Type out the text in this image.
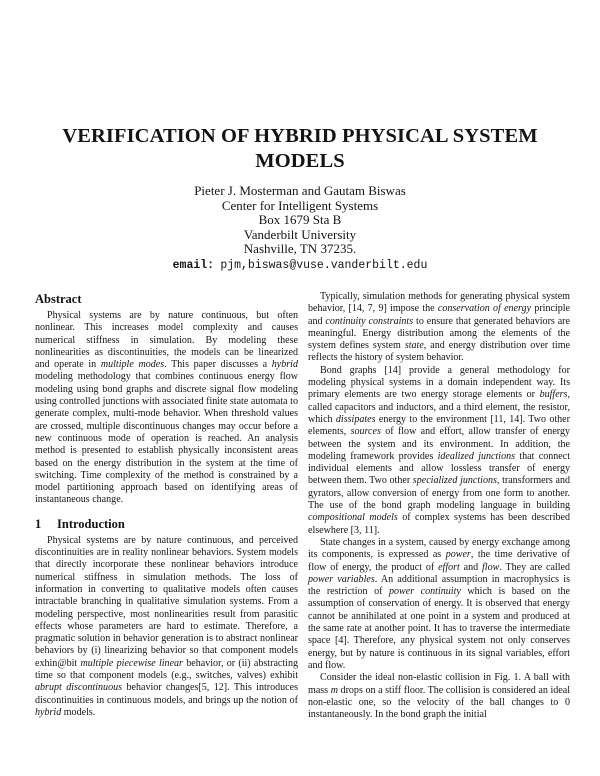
VERIFICATION OF HYBRID PHYSICAL SYSTEM
MODELS
Pieter J. Mosterman and Gautam Biswas
Center for Intelligent Systems
Box 1679 Sta B
Vanderbilt University
Nashville, TN 37235.
email: pjm,biswas@vuse.vanderbilt.edu
Abstract

Physical systems are by nature continuous, but often nonlinear. This increases model complexity and causes numerical stiffness in simulation. By modeling these nonlinearities as discontinuities, the models can be linearized and operate in multiple modes. This paper discusses a hybrid modeling methodology that combines continuous energy flow modeling using bond graphs and discrete signal flow modeling using controlled junctions with associated finite state automata to generate complex, multi-mode behavior. When threshold values are crossed, multiple discontinuous changes may occur before a new continuous mode of operation is reached. An analysis method is presented to establish physically inconsistent areas based on the energy distribution in the system at the time of switching. Time complexity of the method is constrained by a model partitioning approach based on identifying areas of instantaneous change.

1 Introduction

Physical systems are by nature continuous, and perceived discontinuities are in reality nonlinear behaviors. System models that directly incorporate these nonlinear behaviors introduce numerical stiffness in simulation methods. The loss of information in converting to qualitative models often causes intractable branching in qualitative simulation systems. From a modeling perspective, most nonlinearities result from parasitic effects whose parameters are hard to estimate. Therefore, a pragmatic solution in behavior generation is to abstract nonlinear behaviors by (i) linearizing behavior so that component models exhin@bit multiple piecewise linear behavior, or (ii) abstracting time so that component models (e.g., switches, valves) exhibit abrupt discontinuous behavior changes[5, 12]. This introduces discontinuities in continuous models, and brings up the notion of hybrid models.

Typically, simulation methods for generating physical system behavior, [14, 7, 9] impose the conservation of energy principle and continuity constraints to ensure that generated behaviors are meaningful. Energy distribution among the elements of the system defines system state, and energy distribution over time reflects the history of system behavior.

Bond graphs [14] provide a general methodology for modeling physical systems in a domain independent way. Its primary elements are two energy storage elements or buffers, called capacitors and inductors, and a third element, the resistor, which dissipates energy to the environment [11, 14]. Two other elements, sources of flow and effort, allow transfer of energy between the system and its environment. In addition, the modeling framework provides idealized junctions that connect individual elements and allow lossless transfer of energy between them. Two other specialized junctions, transformers and gyrators, allow conversion of energy from one form to another. The use of the bond graph modeling language in building compositional models of complex systems has been described elsewhere [3, 11].

State changes in a system, caused by energy exchange among its components, is expressed as power, the time derivative of flow of energy, the product of effort and flow. They are called power variables. An additional assumption in macrophysics is the restriction of power continuity which is based on the assumption of conservation of energy. It is observed that energy cannot be annihilated at one point in a system and produced at the same rate at another point. It has to traverse the intermediate space [4]. Therefore, any physical system not only conserves energy, but by nature is continuous in its signal variables, effort and flow.

Consider the ideal non-elastic collision in Fig. 1. A ball with mass m drops on a stiff floor. The collision is considered an ideal non-elastic one, so the velocity of the ball changes to 0 instantaneously. In the bond graph the initial
